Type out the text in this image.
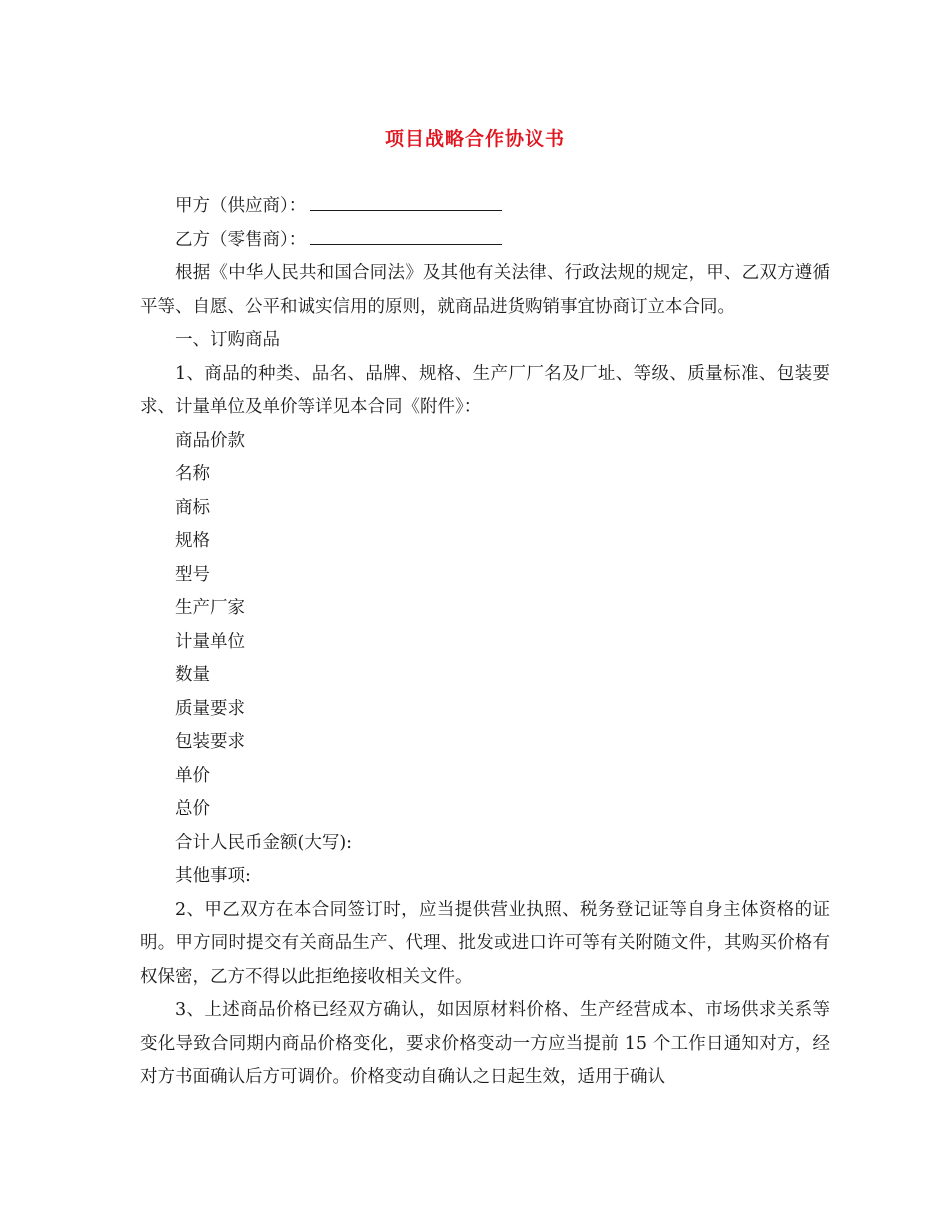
项目战略合作协议书

甲方（供应商）：

乙方（零售商）：

根据《中华人民共和国合同法》及其他有关法律、行政法规的规定，甲、乙双方遵循平等、自愿、公平和诚实信用的原则，就商品进货购销事宜协商订立本合同。

一、订购商品

1、商品的种类、品名、品牌、规格、生产厂厂名及厂址、等级、质量标准、包装要求、计量单位及单价等详见本合同《附件》：

商品价款

名称

商标

规格

型号

生产厂家

计量单位

数量

质量要求

包装要求

单价

总价

合计人民币金额(大写):

其他事项:

2、甲乙双方在本合同签订时，应当提供营业执照、税务登记证等自身主体资格的证明。甲方同时提交有关商品生产、代理、批发或进口许可等有关附随文件，其购买价格有权保密，乙方不得以此拒绝接收相关文件。

3、上述商品价格已经双方确认，如因原材料价格、生产经营成本、市场供求关系等变化导致合同期内商品价格变化，要求价格变动一方应当提前 15 个工作日通知对方，经对方书面确认后方可调价。价格变动自确认之日起生效，适用于确认
